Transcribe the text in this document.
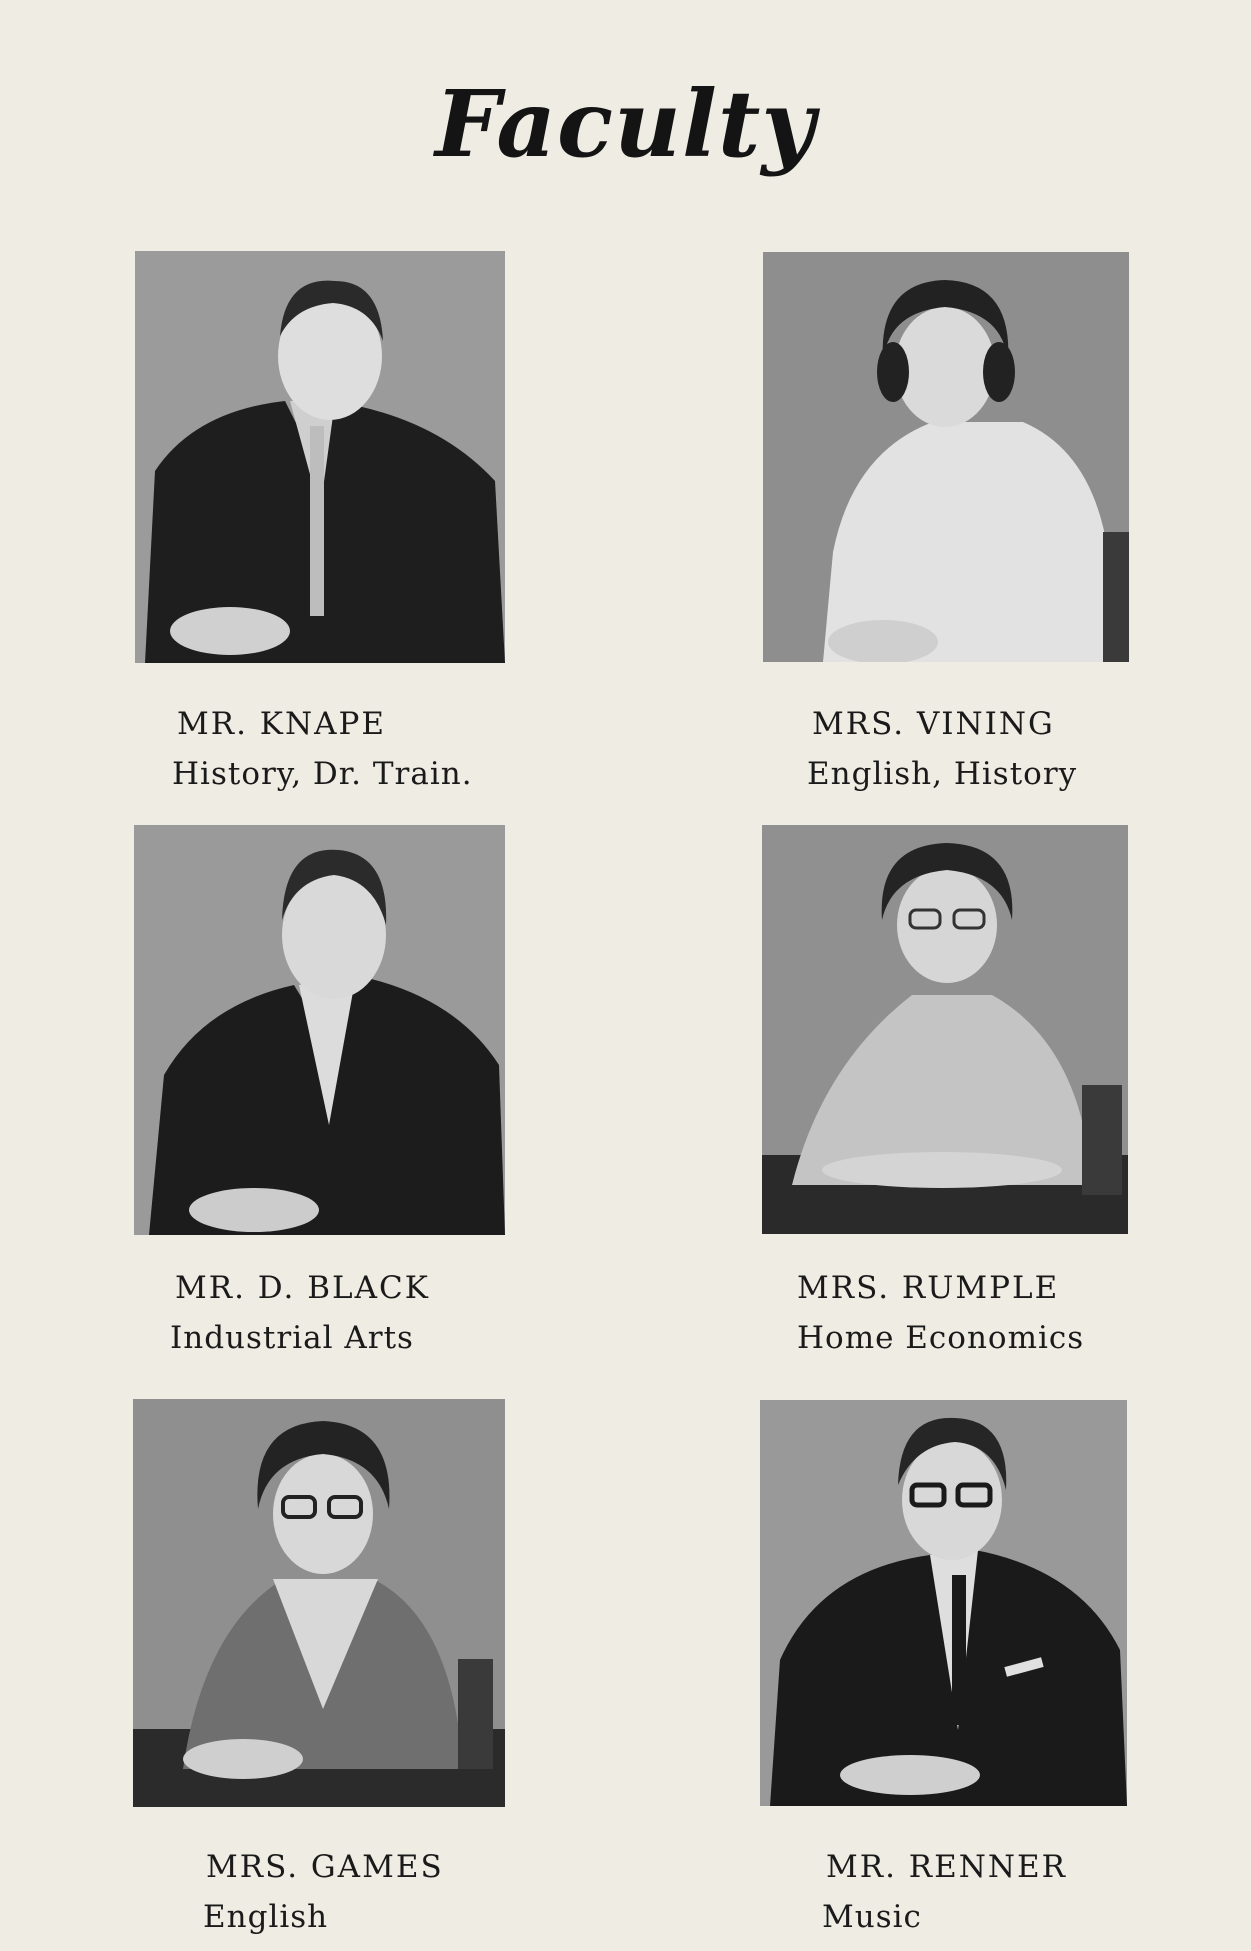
Faculty
MR. KNAPE
History, Dr. Train.
MRS. VINING
English, History
MR. D. BLACK
Industrial Arts
MRS. RUMPLE
Home Economics
MRS. GAMES
English
MR. RENNER
Music
